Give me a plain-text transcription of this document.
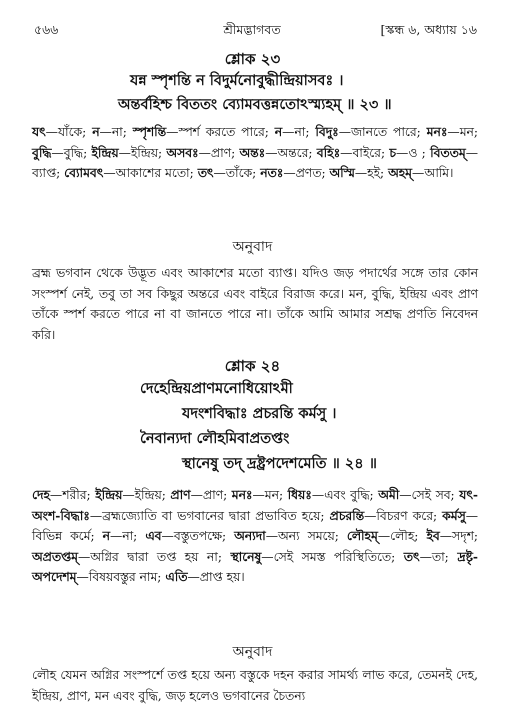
৫৬৬	শ্রীমদ্ভাগবত	[স্কন্ধ ৬, অধ্যায় ১৬
শ্লোক ২৩
যন্ন স্পৃশন্তি ন বিদুর্মনোবুদ্ধীন্দ্রিয়াসবঃ ।
অন্তর্বহিশ্চ বিততং ব্যোমবত্তন্নতোঽস্ম্যহম্ ॥ ২৩ ॥
যৎ—যাঁকে; ন—না; স্পৃশন্তি—স্পর্শ করতে পারে; ন—না; বিদুঃ—জানতে পারে; মনঃ—মন; বুদ্ধি—বুদ্ধি; ইন্দ্রিয়—ইন্দ্রিয়; অসবঃ—প্রাণ; অন্তঃ—অন্তরে; বহিঃ—বাইরে; চ—ও ; বিততম্—ব্যাপ্ত; ব্যোমবৎ—আকাশের মতো; তৎ—তাঁকে; নতঃ—প্রণত; অস্মি—হই; অহম্—আমি।
অনুবাদ
ব্রহ্ম ভগবান থেকে উদ্ভূত এবং আকাশের মতো ব্যাপ্ত। যদিও জড় পদার্থের সঙ্গে তার কোন সংস্পর্শ নেই, তবু তা সব কিছুর অন্তরে এবং বাইরে বিরাজ করে। মন, বুদ্ধি, ইন্দ্রিয় এবং প্রাণ তাঁকে স্পর্শ করতে পারে না বা জানতে পারে না। তাঁকে আমি আমার সশ্রদ্ধ প্রণতি নিবেদন করি।
শ্লোক ২৪
দেহেন্দ্রিয়প্রাণমনোধিয়োঽমী
যদংশবিদ্ধাঃ প্রচরন্তি কর্মসু ।
নৈবান্যদা লৌহমিবাপ্রতপ্তং
স্থানেষু তদ্ দ্রষ্ট্রপদেশমেতি ॥ ২৪ ॥
দেহ—শরীর; ইন্দ্রিয়—ইন্দ্রিয়; প্রাণ—প্রাণ; মনঃ—মন; ধিয়ঃ—এবং বুদ্ধি; অমী—সেই সব; যৎ-অংশ-বিদ্ধাঃ—ব্রহ্মজ্যোতি বা ভগবানের দ্বারা প্রভাবিত হয়ে; প্রচরন্তি—বিচরণ করে; কর্মসু—বিভিন্ন কর্মে; ন—না; এব—বস্তুতপক্ষে; অন্যদা—অন্য সময়ে; লৌহম্—লৌহ; ইব—সদৃশ; অপ্রতপ্তম্—অগ্নির দ্বারা তপ্ত হয় না; স্থানেষু—সেই সমস্ত পরিস্থিতিতে; তৎ—তা; দ্রষ্টৃ-অপদেশম্—বিষয়বস্তুর নাম; এতি—প্রাপ্ত হয়।
অনুবাদ
লৌহ যেমন অগ্নির সংস্পর্শে তপ্ত হয়ে অন্য বস্তুকে দহন করার সামর্থ্য লাভ করে, তেমনই দেহ, ইন্দ্রিয়, প্রাণ, মন এবং বুদ্ধি, জড় হলেও ভগবানের চৈতন্য
